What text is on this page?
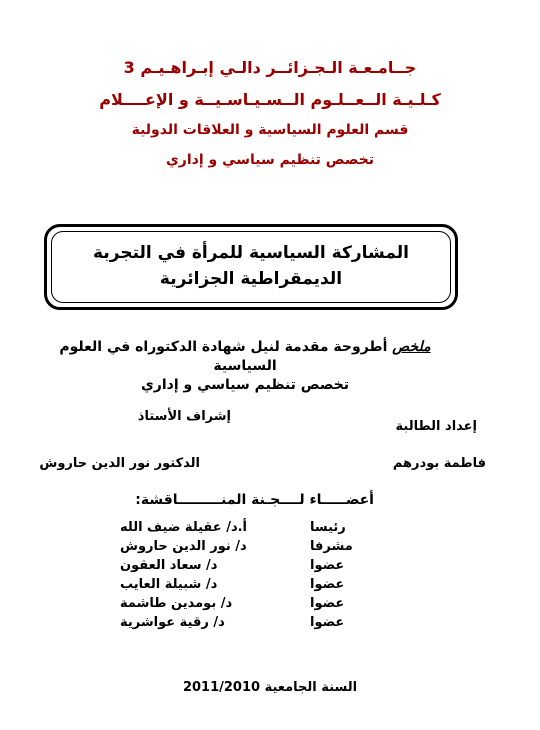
جــامـعـة الـجـزائــر دالـي إبـراهـيـم 3
كـلـيـة الــعــلـوم الــسـيـاسـيــة و الإعــــلام
قسم العلوم السياسية و العلاقات الدولية
تخصص تنظيم سياسي و إداري
المشاركة السياسية للمرأة في التجربة الديمقراطية الجزائرية
ملخص أطروحة مقدمة لنيل شهادة الدكتوراه في العلوم السياسية
تخصص تنظيم سياسي و إداري
إعداد الطالبة
إشراف الأستاذ
فاطمة بودرهم
الدكتور نور الدين حاروش
أعضـــــاء لــــجـنة المنـــــــــاقشة:
أ.د/ عقيلة ضيف الله	رئيسا
د/ نور الدين حاروش	مشرفا
د/ سعاد العقون	عضوا
د/ شبيلة العايب	عضوا
د/ بومدين طاشمة	عضوا
د/ رقية عواشرية	عضوا
السنة الجامعية 2011/2010
